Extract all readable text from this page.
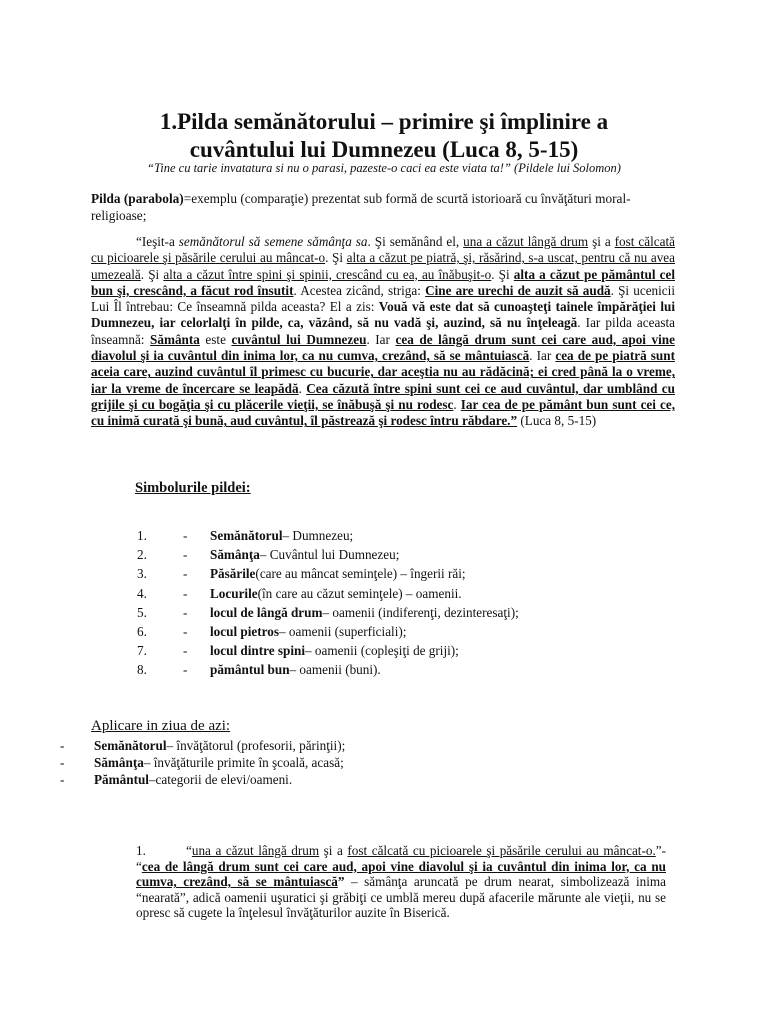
1.Pilda semănătorului – primire şi împlinire a
cuvântului lui Dumnezeu (Luca 8, 5-15)
“Tine cu tarie invatatura si nu o parasi, pazeste-o caci ea este viata ta!” (Pildele lui Solomon)
Pilda (parabola)=exemplu (comparaţie) prezentat sub formă de scurtă istorioară cu învăţături moral-religioase;
“Ieşit-a semănătorul să semene sămânţa sa. Şi semănând el, una a căzut lângă drum şi a fost călcată cu picioarele şi păsările cerului au mâncat-o. Şi alta a căzut pe piatră, şi, răsărind, s-a uscat, pentru că nu avea umezeală. Şi alta a căzut între spini şi spinii, crescând cu ea, au înăbuşit-o. Şi alta a căzut pe pământul cel bun şi, crescând, a făcut rod însutit. Acestea zicând, striga: Cine are urechi de auzit să audă. Şi ucenicii Lui Îl întrebau: Ce înseamnă pilda aceasta? El a zis: Vouă vă este dat să cunoaşteţi tainele împărăţiei lui Dumnezeu, iar celorlalţi în pilde, ca, văzând, să nu vadă şi, auzind, să nu înţeleagă. Iar pilda aceasta înseamnă: Sământa este cuvântul lui Dumnezeu. Iar cea de lângă drum sunt cei care aud, apoi vine diavolul şi ia cuvântul din inima lor, ca nu cumva, crezând, să se mântuiască. Iar cea de pe piatră sunt aceia care, auzind cuvântul îl primesc cu bucurie, dar aceştia nu au rădăcină; ei cred până la o vreme, iar la vreme de încercare se leapădă. Cea căzută între spini sunt cei ce aud cuvântul, dar umblând cu grijile şi cu bogăţia şi cu plăcerile vieţii, se înăbuşă şi nu rodesc. Iar cea de pe pământ bun sunt cei ce, cu inimă curată şi bună, aud cuvântul, îl păstrează şi rodesc întru răbdare.” (Luca 8, 5-15)
Simbolurile pildei:
1.	-	Semănătorul – Dumnezeu;
2.	-	Sămânţa – Cuvântul lui Dumnezeu;
3.	-	Păsările (care au mâncat seminţele) – îngerii răi;
4.	-	Locurile (în care au căzut seminţele) – oamenii.
5.	-	locul de lângă drum – oamenii (indiferenţi, dezinteresaţi);
6.	-	locul pietros – oamenii (superficiali);
7.	-	locul dintre spini – oamenii (copleşiţi de griji);
8.	-	pământul bun – oamenii (buni).
Aplicare in ziua de azi:
-	Semănătorul – învăţătorul (profesorii, părinţii);
-	Sămânţa – învăţăturile primite în şcoală, acasă;
-	Pământul –categorii de elevi/oameni.
1.	“una a căzut lângă drum şi a fost călcată cu picioarele şi păsările cerului au mâncat-o.”- “cea de lângă drum sunt cei care aud, apoi vine diavolul şi ia cuvântul din inima lor, ca nu cumva, crezând, să se mântuiască” – sămânţa aruncată pe drum nearat, simbolizează inima “nearată”, adică oamenii uşuratici şi grăbiţi ce umblă mereu după afacerile mărunte ale vieţii, nu se opresc să cugete la înţelesul învăţăturilor auzite în Biserică.
